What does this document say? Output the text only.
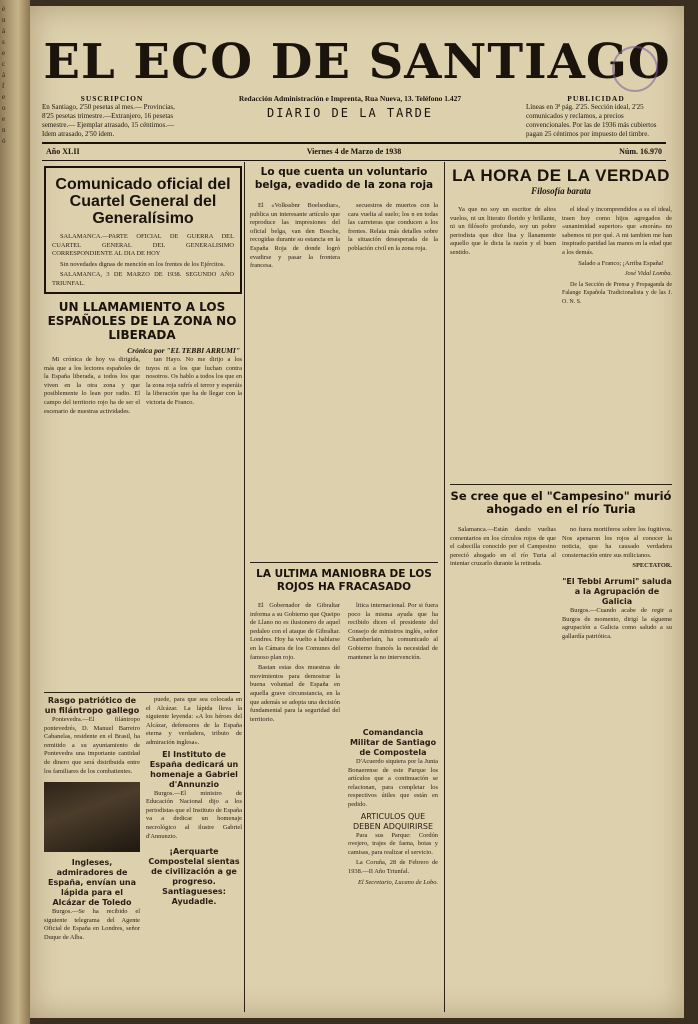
é
n
á
s
e
c
á
f
e
o
e
n
ó
EL ECO DE SANTIAGO
SUSCRIPCION
En Santiago, 2'50 pesetas al mes.— Provincias, 8'25 pesetas trimestre.—Extranjero, 16 pesetas semestre.— Ejemplar atrasado, 15 céntimos.—Idem atrasado, 2'50 ídem.
Redacción Administración e Imprenta, Rua Nueva, 13. Teléfono 1.427
DIARIO DE LA TARDE
PUBLICIDAD
Líneas en 3ª pág. 2'25. Sección ideal, 2'25 comunicados y reclamos, a precios convencionales. Por las de 1936 más cubiertos pagan 25 céntimos por impuesto del timbre.
Año XLII	Viernes 4 de Marzo de 1938	Núm. 16.970
Comunicado oficial del Cuartel General del Generalísimo

SALAMANCA.—PARTE OFICIAL DE GUERRA DEL CUARTEL GENERAL DEL GENERALISIMO CORRESPONDIENTE AL DIA DE HOY

Sin novedades dignas de mención en los frentes de los Ejércitos.

SALAMANCA, 3 DE MARZO DE 1938. SEGUNDO AÑO TRIUNFAL.

UN LLAMAMIENTO A LOS ESPAÑOLES DE LA ZONA NO LIBERADA
Crónica por "EL TEBBI ARRUMI"

Mi crónica de hoy va dirigida, más que a los lectores españoles de la España liberada, a todos los que viven en la otra zona y que posiblemente lo lean por radio. El campo del territorio rojo ha de ser el escenario de nuestras actividades.

tan Hayo. No me dirijo a los tuyos ni a los que luchan contra nosotros. Os hablo a todos los que en la zona roja sufrís el terror y esperáis la liberación que ha de llegar con la victoria de Franco.

Rasgo patriótico de un filántropo gallego

Pontevedra.—El filántropo pontevedrés, D. Manuel Barreiro Cabanelas, residente en el Brasil, ha remitido a su ayuntamiento de Pontevedra una importante cantidad de dinero que será distribuida entre los familiares de los combatientes.

Ingleses, admiradores de España, envían una lápida para el Alcázar de Toledo

Burgos.—Se ha recibido el siguiente telegrama del Agente Oficial de España en Londres, señor Duque de Alba.

puede, para que sea colocada en el Alcázar. La lápida lleva la siguiente leyenda: «A los héroes del Alcázar, defensores de la España eterna y verdadera, tributo de admiración inglesa».

El Instituto de España dedicará un homenaje a Gabriel d'Annunzio

Burgos.—El ministro de Educación Nacional dijo a los periodistas que el Instituto de España va a dedicar un homenaje necrológico al ilustre Gabriel d'Annunzio.

¡Aerquarte Compostelal sientas de civilización a ge progreso. Santiagueses: Ayudadle.
Lo que cuenta un voluntario belga, evadido de la zona roja

El «Volkssbnr Boelsodiar», publica un interesante artículo que reproduce las impresiones del oficial belga, van den Bosche, recogidas durante su estancia en la España Roja de donde logró evadirse y pasar la frontera francesa.

secuestros de muertos con la cara vuelta al suelo; los n en todas las carreteras que conducen a los frentes. Relata más detalles sobre la situación desesperada de la población civil en la zona roja.

LA ULTIMA MANIOBRA DE LOS ROJOS HA FRACASADO

El Gobernador de Gibraltar informa a su Gobierno que Queipo de Llano no es ilusionero de aquel pedaleo con el ataque de Gibraltar. Londres. Hoy ha vuelto a hablarse en la Cámara de los Comunes del famoso plan rojo.

Bastan estas dos muestras de movimientos para demostrar la buena voluntad de España en aquella grave circunstancia, en la que además se adopta una decisión fundamental para la seguridad del territorio.

litica internacional. Por si fuera poco la misma ayuda que ha recibido dicen el presidente del Consejo de ministros inglés, señor Chamberlain, ha comunicado al Gobierno francés la necesidad de mantener la no intervención.

Comandancia Militar de Santiago de Compostela

D'Acuerdo siquiera por la Junta Bonaerense de este Parque los artículos que a continuación se relacionan, para completar los respectivos útiles que están en pedido.

ARTICULOS QUE DEBEN ADQUIRIRSE

Para sus Parque: Cordón ovejero, trajes de faena, botas y camisas, para realizar el servicio.

La Coruña, 28 de Febrero de 1938.—II Año Triunfal.

El Secretario, Lucano de Lobo.

LA HORA DE LA VERDAD
Filosofía barata

Ya que no soy un escritor de altos vuelos, ni un literato florido y brillante, ni un filósofo profundo, soy un pobre periodista que dice lisa y llanamente aquello que le dicta la razón y el buen sentido.

el ideal y incomprendidos a su el ideal, traen hoy como hijos agregados de «unanimidad superior» que «morán» no sabemos ni por qué. A mi tambien me han inspirado paridad las manos en la edad que a los demás.

Salado a Franco; ¡Arriba España!

José Vidal Lomba.

De la Sección de Prensa y Propaganda de Falange Española Tradicionalista y de las J. O. N. S.

Se cree que el "Campesino" murió ahogado en el río Turia

Salamanca.—Están dando vueltas comentarios en los círculos rojos de que el cabecilla conocido por el Campesino pereció ahogado en el río Turia al intentar cruzarlo durante la retirada.

no fuera mortiferos sobre los fugitivos. Nos apenaron los rojos al conocer la noticia, que ha causado verdadera consternación entre sus milicianos.

SPECTATOR.

"El Tebbi Arrumi" saluda a la Agrupación de Galicia

Burgos.—Cuando acabe de regir a Burgos de momento, dirigí la sígueme agrupación a Galicia como saludo a su gallardía patriótica.
